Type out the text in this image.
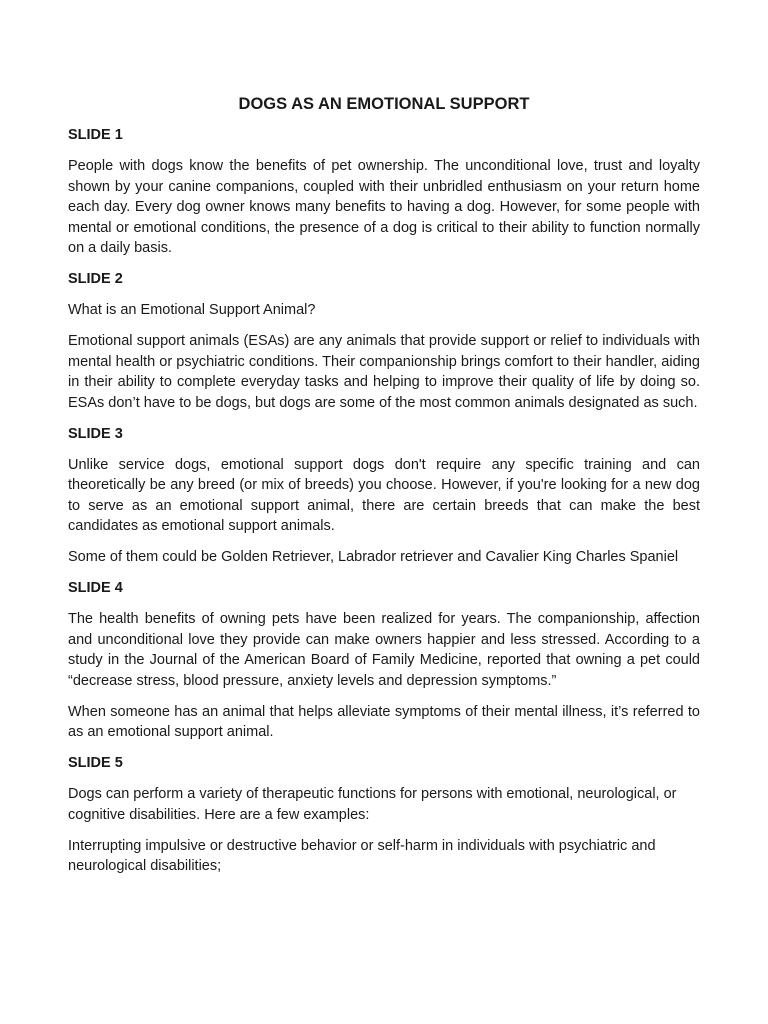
DOGS AS AN EMOTIONAL SUPPORT
SLIDE 1

People with dogs know the benefits of pet ownership. The unconditional love, trust and loyalty shown by your canine companions, coupled with their unbridled enthusiasm on your return home each day. Every dog owner knows many benefits to having a dog. However, for some people with mental or emotional conditions, the presence of a dog is critical to their ability to function normally on a daily basis.

SLIDE 2

What is an Emotional Support Animal?

Emotional support animals (ESAs) are any animals that provide support or relief to individuals with mental health or psychiatric conditions. Their companionship brings comfort to their handler, aiding in their ability to complete everyday tasks and helping to improve their quality of life by doing so. ESAs don’t have to be dogs, but dogs are some of the most common animals designated as such.

SLIDE 3

Unlike service dogs, emotional support dogs don't require any specific training and can theoretically be any breed (or mix of breeds) you choose. However, if you're looking for a new dog to serve as an emotional support animal, there are certain breeds that can make the best candidates as emotional support animals.

Some of them could be Golden Retriever, Labrador retriever and Cavalier King Charles Spaniel

SLIDE 4

The health benefits of owning pets have been realized for years. The companionship, affection and unconditional love they provide can make owners happier and less stressed. According to a study in the Journal of the American Board of Family Medicine, reported that owning a pet could “decrease stress, blood pressure, anxiety levels and depression symptoms.”

When someone has an animal that helps alleviate symptoms of their mental illness, it’s referred to as an emotional support animal.

SLIDE 5

Dogs can perform a variety of therapeutic functions for persons with emotional, neurological, or cognitive disabilities. Here are a few examples:

Interrupting impulsive or destructive behavior or self-harm in individuals with psychiatric and neurological disabilities;
